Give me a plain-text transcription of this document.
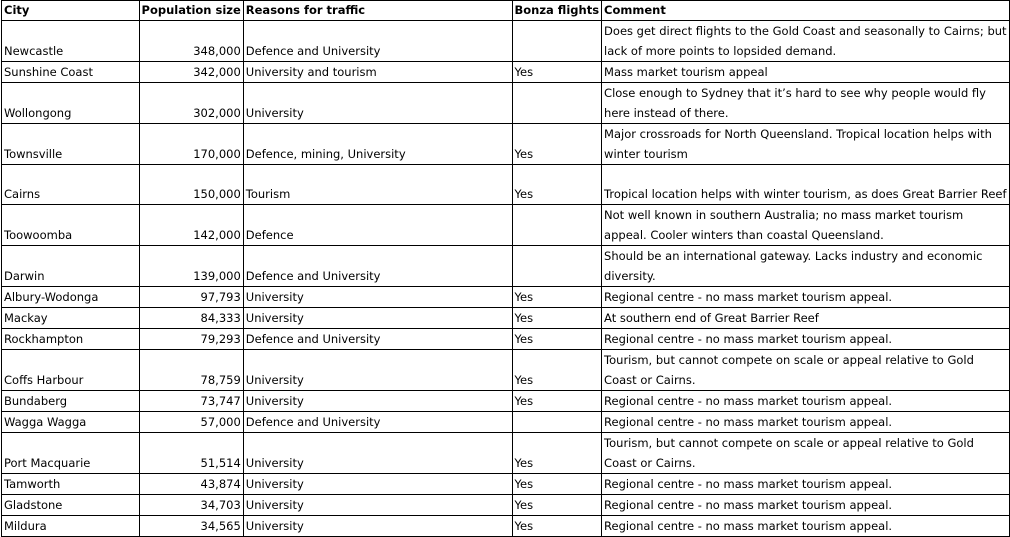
City	Population size	Reasons for traffic	Bonza flights	Comment
Newcastle	348,000	Defence and University		Does get direct flights to the Gold Coast and seasonally to Cairns; but lack of more points to lopsided demand.
Sunshine Coast	342,000	University and tourism	Yes	Mass market tourism appeal
Wollongong	302,000	University		Close enough to Sydney that it’s hard to see why people would fly here instead of there.
Townsville	170,000	Defence, mining, University	Yes	Major crossroads for North Queensland. Tropical location helps with winter tourism
Cairns	150,000	Tourism	Yes	Tropical location helps with winter tourism, as does Great Barrier Reef
Toowoomba	142,000	Defence		Not well known in southern Australia; no mass market tourism appeal. Cooler winters than coastal Queensland.
Darwin	139,000	Defence and University		Should be an international gateway. Lacks industry and economic diversity.
Albury-Wodonga	97,793	University	Yes	Regional centre - no mass market tourism appeal.
Mackay	84,333	University	Yes	At southern end of Great Barrier Reef
Rockhampton	79,293	Defence and University	Yes	Regional centre - no mass market tourism appeal.
Coffs Harbour	78,759	University	Yes	Tourism, but cannot compete on scale or appeal relative to Gold Coast or Cairns.
Bundaberg	73,747	University	Yes	Regional centre - no mass market tourism appeal.
Wagga Wagga	57,000	Defence and University		Regional centre - no mass market tourism appeal.
Port Macquarie	51,514	University	Yes	Tourism, but cannot compete on scale or appeal relative to Gold Coast or Cairns.
Tamworth	43,874	University	Yes	Regional centre - no mass market tourism appeal.
Gladstone	34,703	University	Yes	Regional centre - no mass market tourism appeal.
Mildura	34,565	University	Yes	Regional centre - no mass market tourism appeal.
